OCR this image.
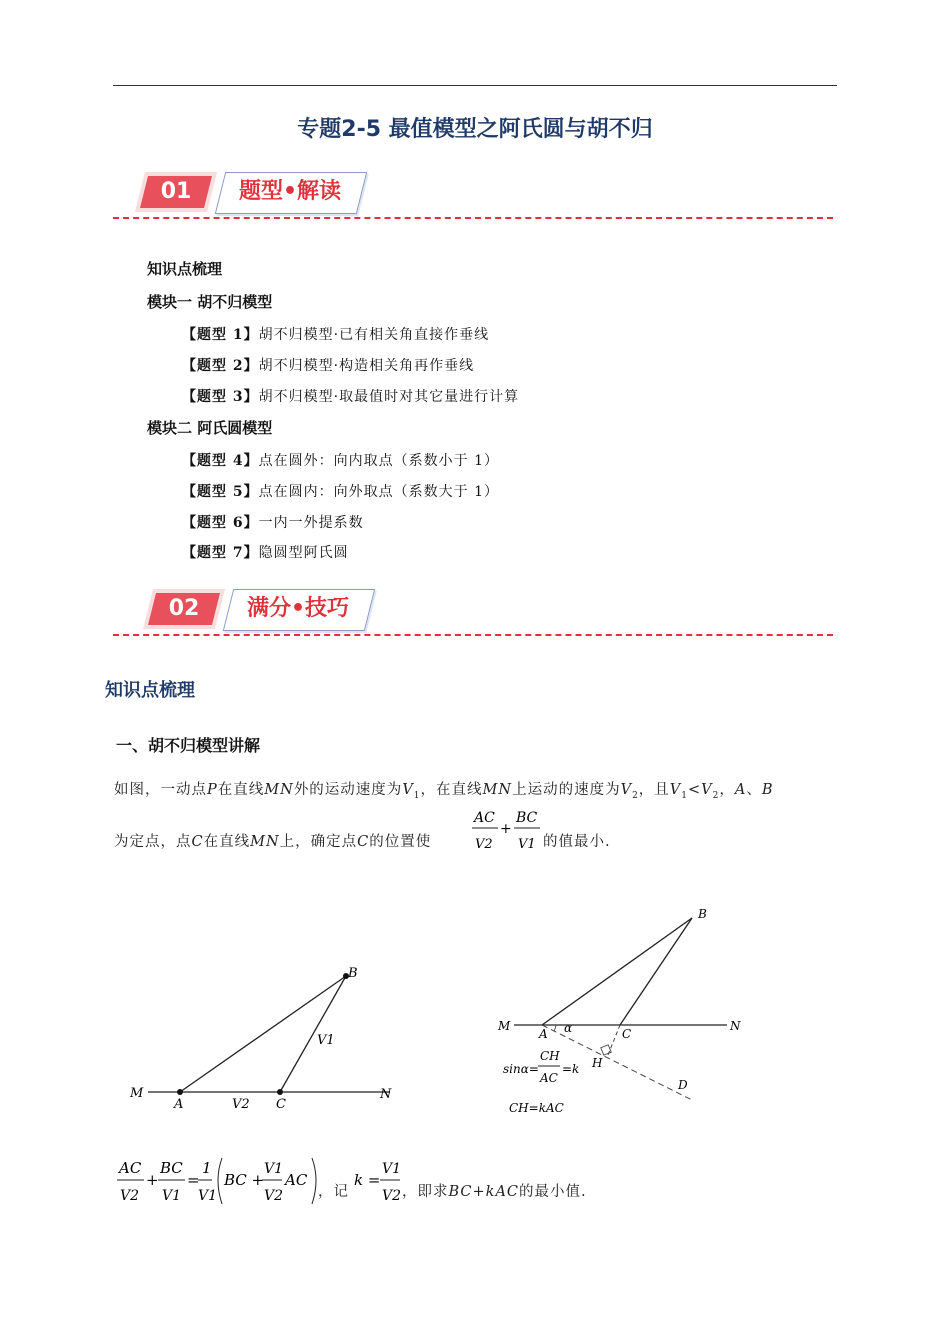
专题2-5 最值模型之阿氏圆与胡不归
01	题型•解读
知识点梳理
模块一 胡不归模型
【题型 1】胡不归模型·已有相关角直接作垂线
【题型 2】胡不归模型·构造相关角再作垂线
【题型 3】胡不归模型·取最值时对其它量进行计算
模块二 阿氏圆模型
【题型 4】点在圆外：向内取点（系数小于 1）
【题型 5】点在圆内：向外取点（系数大于 1）
【题型 6】一内一外提系数
【题型 7】隐圆型阿氏圆
02	满分•技巧
知识点梳理
一、胡不归模型讲解
如图，一动点P在直线MN外的运动速度为$V_1$，在直线MN上运动的速度为$V_2$，且$V_1<V_2$，A、B
为定点，点C在直线MN上，确定点C的位置使
AC
V2
+
BC
V1 的值最小.
B
M
A	V2 C
N
V1
B
M
A α	C
N
H
D
sinα=
CH
AC
=k
CH=kAC
AC
V2
+
BC
V1
=
1
V1
BC +
V1
V2
AC
，记
k =
V1
V2 ，即求BC+kAC的最小值.
